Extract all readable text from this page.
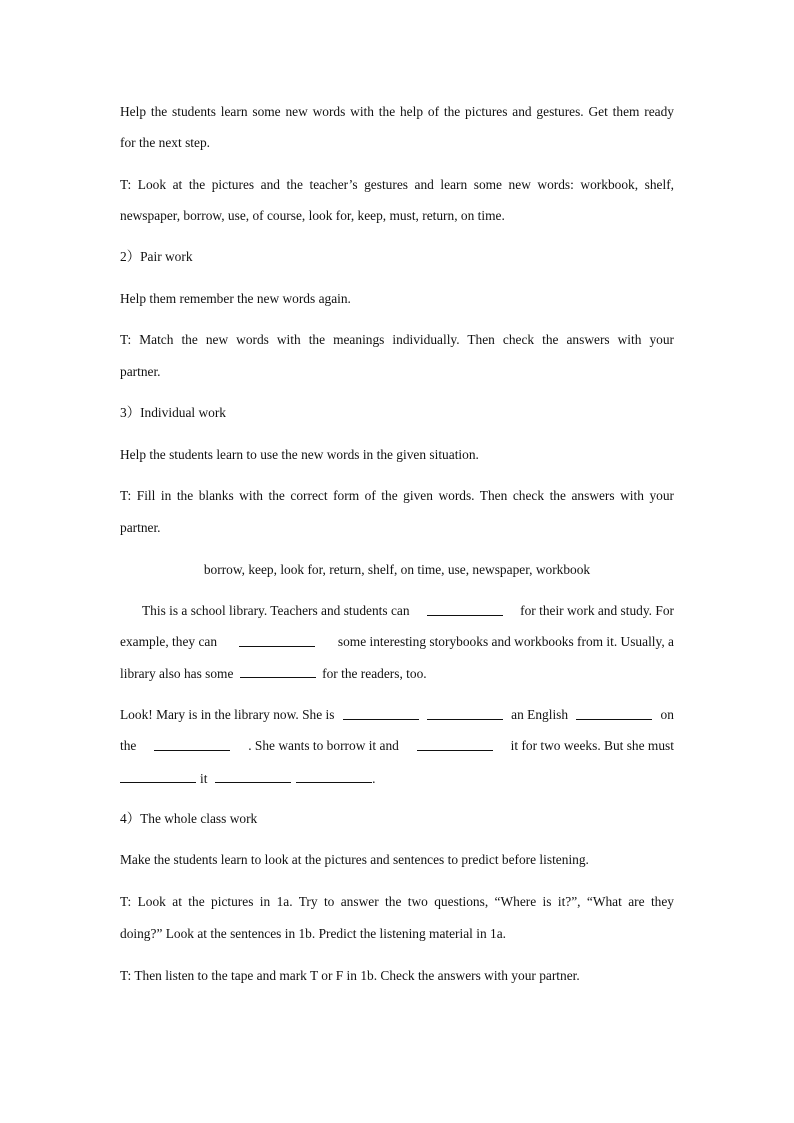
Help the students learn some new words with the help of the pictures and gestures. Get them ready
for the next step.
T: Look at the pictures and the teacher’s gestures and learn some new words: workbook, shelf,
newspaper, borrow, use, of course, look for, keep, must, return, on time.
2）Pair work
Help them remember the new words again.
T: Match the new words with the meanings individually. Then check the answers with your
partner.
3）Individual work
Help the students learn to use the new words in the given situation.
T: Fill in the blanks with the correct form of the given words. Then check the answers with your
partner.
borrow, keep, look for, return, shelf, on time, use, newspaper, workbook
This is a school library. Teachers and students can	for their work and study. For
example, they can	some interesting storybooks and workbooks from it. Usually, a
library also has some	for the readers, too.
Look! Mary is in the library now. She is	an English	on
the	. She wants to borrow it and	it for two weeks. But she must
it	.
4）The whole class work
Make the students learn to look at the pictures and sentences to predict before listening.
T: Look at the pictures in 1a. Try to answer the two questions, “Where is it?”, “What are they
doing?” Look at the sentences in 1b. Predict the listening material in 1a.
T: Then listen to the tape and mark T or F in 1b. Check the answers with your partner.
